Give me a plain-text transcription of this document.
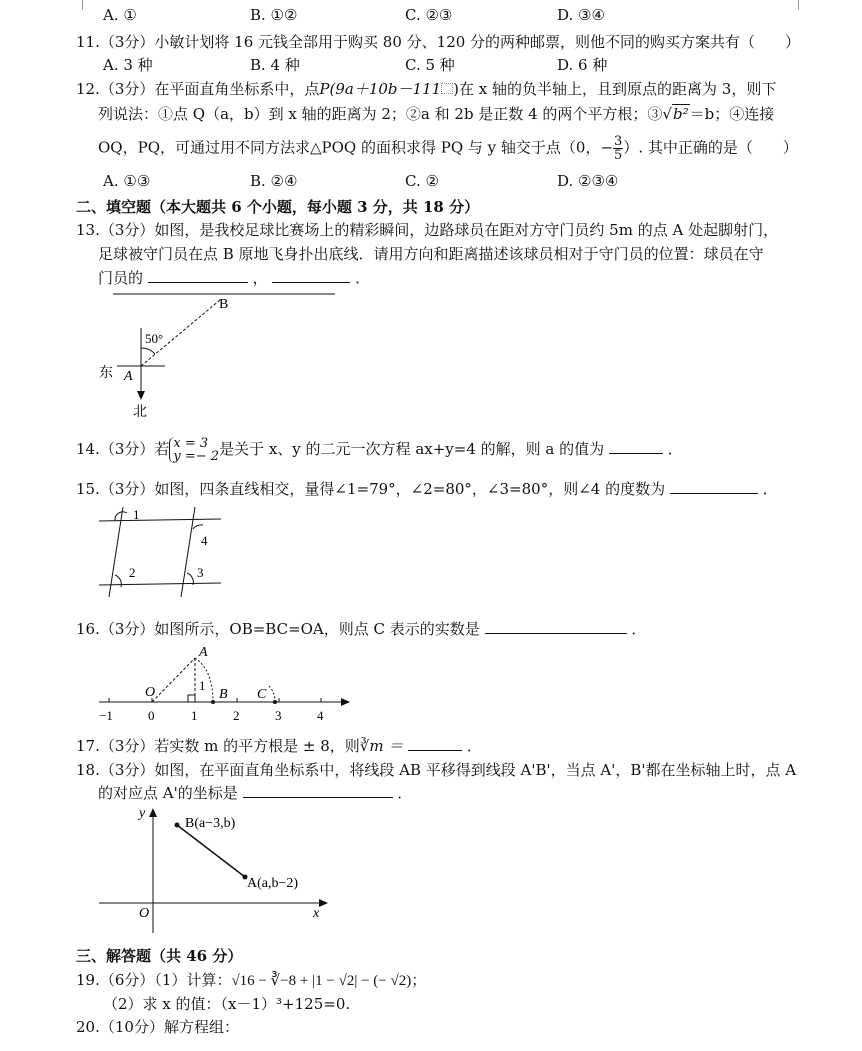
A. ①	B. ①②	C. ②③	D. ③④
11.（3分）小敏计划将 16 元钱全部用于购买 80 分、120 分的两种邮票，则他不同的购买方案共有（　　）
A. 3 种	B. 4 种	C. 5 种	D. 6 种
12.（3分）在平面直角坐标系中，点P(9a＋10b－111 )在 x 轴的负半轴上，且到原点的距离为 3，则下
列说法：①点 Q（a，b）到 x 轴的距离为 2；②a 和 2b 是正数 4 的两个平方根；③√b²＝b；④连接
OQ，PQ，可通过用不同方法求△POQ 的面积求得 PQ 与 y 轴交于点（0，− $\frac{3}{5}$ ）. 其中正确的是（　　）
A. ①③	B. ②④	C. ②	D. ②③④
二、填空题（本大题共 6 个小题，每小题 3 分，共 18 分）
13.（3分）如图，是我校足球比赛场上的精彩瞬间，边路球员在距对方守门员约 5m 的点 A 处起脚射门，
足球被守门员在点 B 原地飞身扑出底线．请用方向和距离描述该球员相对于守门员的位置：球员在守
门员的	，	．
B
50°
东 A
北
14.（3分）若 x = 3
y =− 2 是关于 x、y 的二元一次方程 ax+y=4 的解，则 a 的值为	．
15.（3分）如图，四条直线相交，量得∠1=79°，∠2=80°，∠3=80°，则∠4 的度数为	．
1
4
2	3
16.（3分）如图所示，OB=BC=OA，则点 C 表示的实数是	．
A
O	1
B C
−1	0	1	2	3	4
17.（3分）若实数 m 的平方根是 ± 8，则∛m ＝	．
18.（3分）如图，在平面直角坐标系中，将线段 AB 平移得到线段 A'B'，当点 A'，B'都在坐标轴上时，点 A
的对应点 A'的坐标是	．
y
x
O
B(a−3,b)
A(a,b−2)
三、解答题（共 46 分）
19.（6分）（1）计算：√16 − ∛−8 + |1 − √2| − (− √2)；
（2）求 x 的值：（x－1）³+125=0.
20.（10分）解方程组：
